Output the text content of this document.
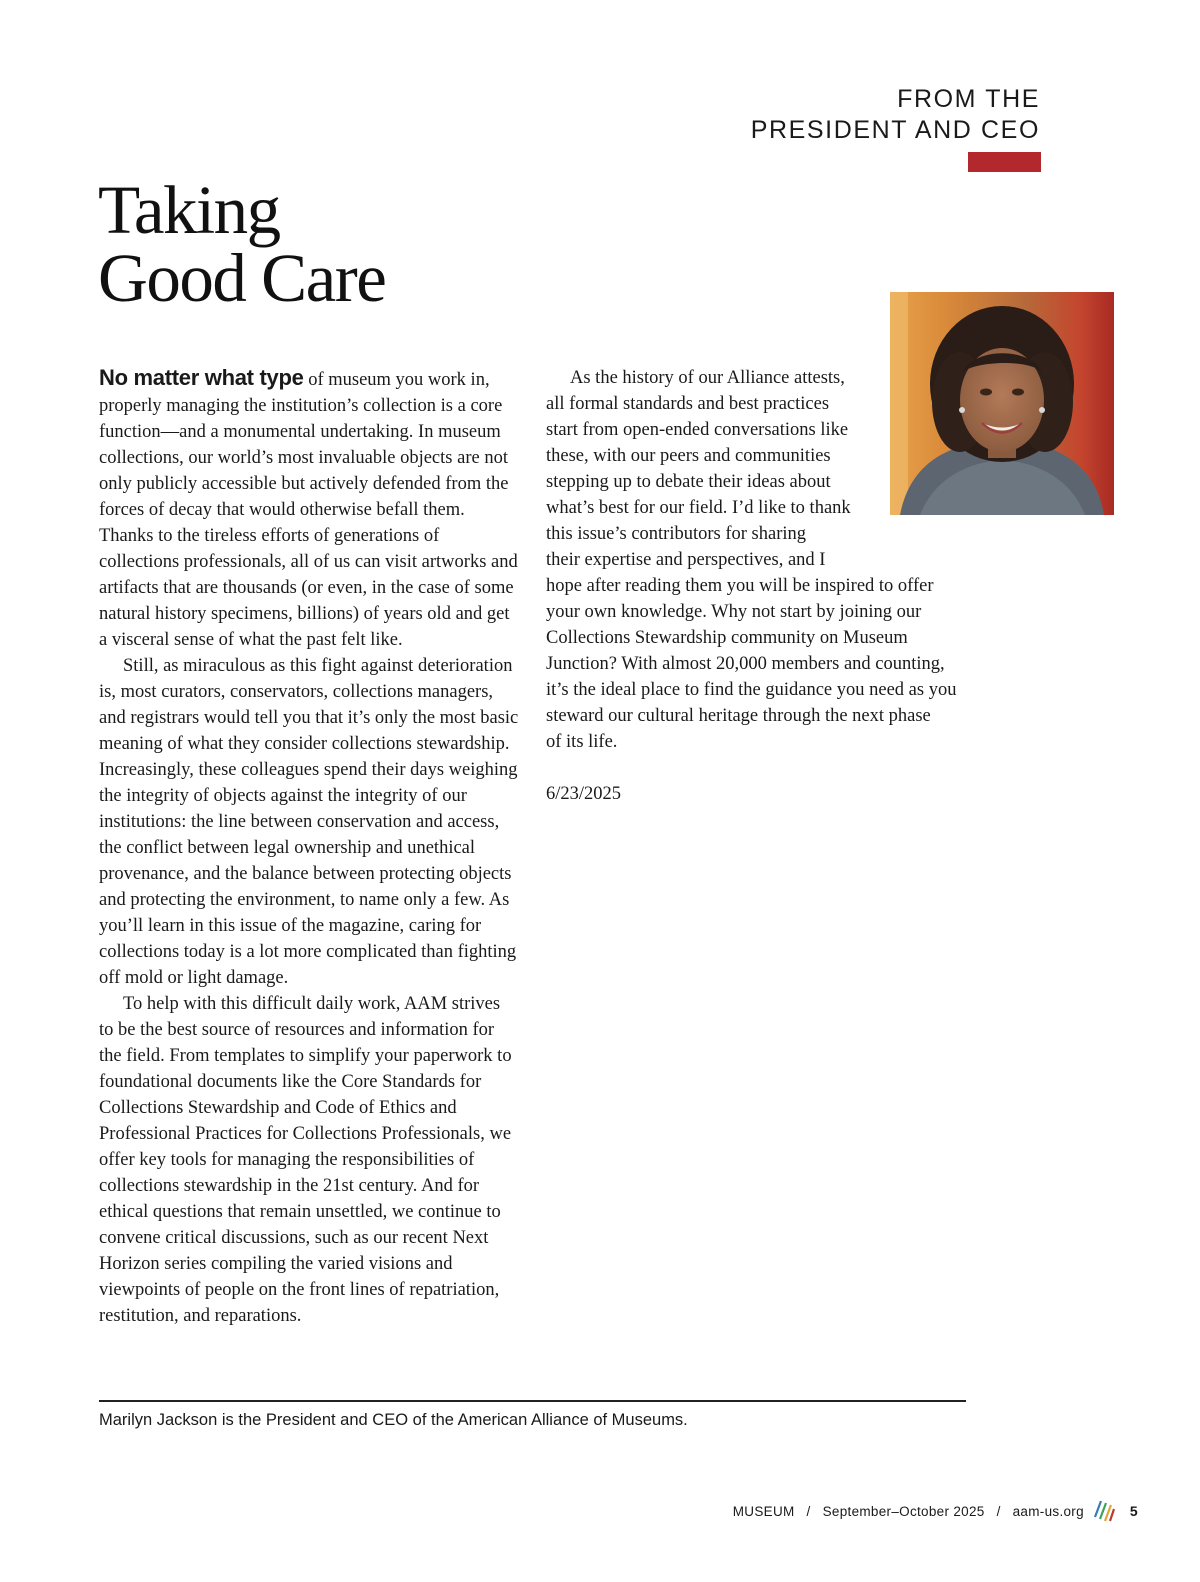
FROM THE
PRESIDENT AND CEO
Taking
Good Care

No matter what type of museum you work in, properly managing the institution’s collection is a core function—and a monumental undertaking. In museum collections, our world’s most invaluable objects are not only publicly accessible but actively defended from the forces of decay that would otherwise befall them. Thanks to the tireless efforts of generations of collections professionals, all of us can visit artworks and artifacts that are thousands (or even, in the case of some natural history specimens, billions) of years old and get a visceral sense of what the past felt like.

Still, as miraculous as this fight against deterioration is, most curators, conservators, collections managers, and registrars would tell you that it’s only the most basic meaning of what they consider collections stewardship. Increasingly, these colleagues spend their days weighing the integrity of objects against the integrity of our institutions: the line between conservation and access, the conflict between legal ownership and unethical provenance, and the balance between protecting objects and protecting the environment, to name only a few. As you’ll learn in this issue of the magazine, caring for collections today is a lot more complicated than fighting off mold or light damage.

To help with this difficult daily work, AAM strives to be the best source of resources and information for the field. From templates to simplify your paperwork to foundational documents like the Core Standards for Collections Stewardship and Code of Ethics and Professional Practices for Collections Professionals, we offer key tools for managing the responsibilities of collections stewardship in the 21st century. And for ethical questions that remain unsettled, we continue to convene critical discussions, such as our recent Next Horizon series compiling the varied visions and viewpoints of people on the front lines of repatriation, restitution, and reparations.

As the history of our Alliance attests,
all formal standards and best practices
start from open-ended conversations like
these, with our peers and communities
stepping up to debate their ideas about
what’s best for our field. I’d like to thank
this issue’s contributors for sharing
their expertise and perspectives, and I
hope after reading them you will be inspired to offer
your own knowledge. Why not start by joining our
Collections Stewardship community on Museum
Junction? With almost 20,000 members and counting,
it’s the ideal place to find the guidance you need as you
steward our cultural heritage through the next phase
of its life.

6/23/2025

Marilyn Jackson is the President and CEO of the American Alliance of Museums.
MUSEUM / September–October 2025 / aam-us.org	5
